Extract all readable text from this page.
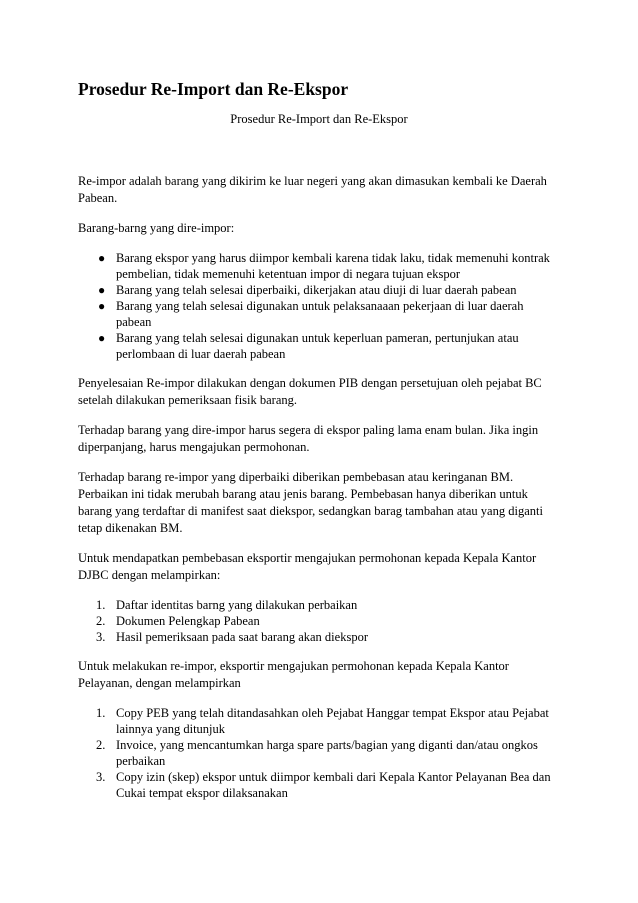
Prosedur Re-Import dan Re-Ekspor
Prosedur Re-Import dan Re-Ekspor

Re-impor adalah barang yang dikirim ke luar negeri yang akan dimasukan kembali ke Daerah Pabean.

Barang-barng yang dire-impor:

● Barang ekspor yang harus diimpor kembali karena tidak laku, tidak memenuhi kontrak pembelian, tidak memenuhi ketentuan impor di negara tujuan ekspor
● Barang yang telah selesai diperbaiki, dikerjakan atau diuji di luar daerah pabean
● Barang yang telah selesai digunakan untuk pelaksanaaan pekerjaan di luar daerah pabean
● Barang yang telah selesai digunakan untuk keperluan pameran, pertunjukan atau perlombaan di luar daerah pabean

Penyelesaian Re-impor dilakukan dengan dokumen PIB dengan persetujuan oleh pejabat BC setelah dilakukan pemeriksaan fisik barang.

Terhadap barang yang dire-impor harus segera di ekspor paling lama enam bulan. Jika ingin diperpanjang, harus mengajukan permohonan.

Terhadap barang re-impor yang diperbaiki diberikan pembebasan atau keringanan BM.

Perbaikan ini tidak merubah barang atau jenis barang. Pembebasan hanya diberikan untuk barang yang terdaftar di manifest saat diekspor, sedangkan barag tambahan atau yang diganti tetap dikenakan BM.

Untuk mendapatkan pembebasan eksportir mengajukan permohonan kepada Kepala Kantor DJBC dengan melampirkan:

1. Daftar identitas barng yang dilakukan perbaikan
2. Dokumen Pelengkap Pabean
3. Hasil pemeriksaan pada saat barang akan diekspor

Untuk melakukan re-impor, eksportir mengajukan permohonan kepada Kepala Kantor Pelayanan, dengan melampirkan

1. Copy PEB yang telah ditandasahkan oleh Pejabat Hanggar tempat Ekspor atau Pejabat lainnya yang ditunjuk
2. Invoice, yang mencantumkan harga spare parts/bagian yang diganti dan/atau ongkos perbaikan
3. Copy izin (skep) ekspor untuk diimpor kembali dari Kepala Kantor Pelayanan Bea dan Cukai tempat ekspor dilaksanakan
